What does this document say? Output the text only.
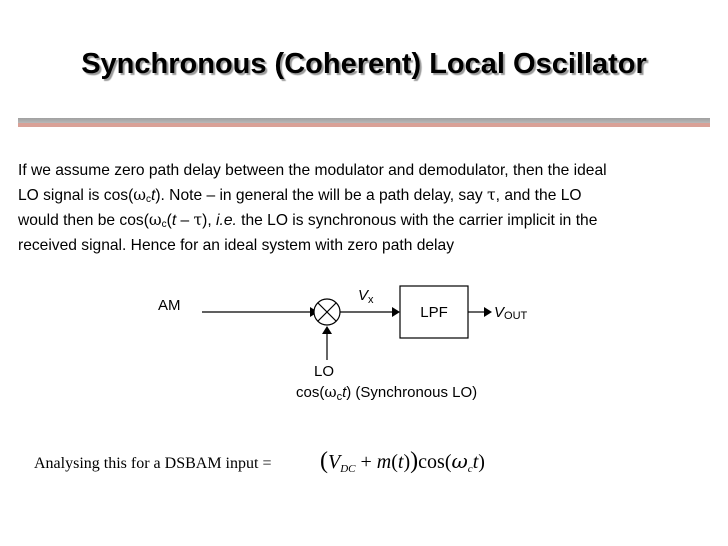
Synchronous (Coherent) Local Oscillator

If we assume zero path delay between the modulator and demodulator, then the ideal
LO signal is $\cos(\omega_ct)$. Note – in general the will be a path delay, say τ, and the LO
would then be $\cos(\omega_c(t - \tau)$, i.e. the LO is synchronous with the carrier implicit in the
received signal. Hence for an ideal system with zero path delay

AM
$V_x$
LPF	VOUT
LO
$\cos(\omega_ct)$ (Synchronous LO)
Analysing this for a DSBAM input = $(V_{DC} + m(t))\cos(\omega_ct)$
